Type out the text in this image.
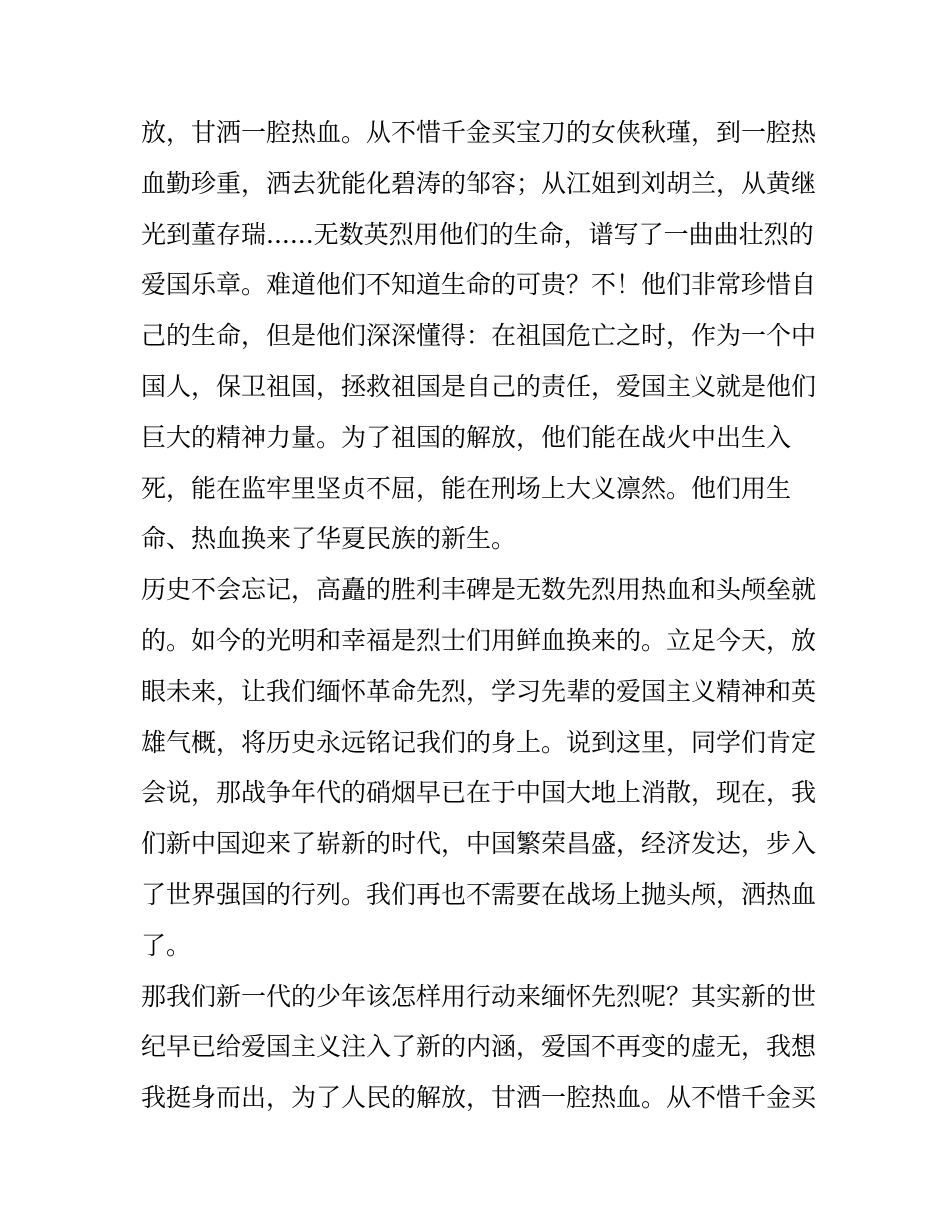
放，甘洒一腔热血。从不惜千金买宝刀的女侠秋瑾，到一腔热
血勤珍重，洒去犹能化碧涛的邹容；从江姐到刘胡兰，从黄继
光到董存瑞......无数英烈用他们的生命，谱写了一曲曲壮烈的
爱国乐章。难道他们不知道生命的可贵？不！他们非常珍惜自
己的生命，但是他们深深懂得：在祖国危亡之时，作为一个中
国人，保卫祖国，拯救祖国是自己的责任，爱国主义就是他们
巨大的精神力量。为了祖国的解放，他们能在战火中出生入
死，能在监牢里坚贞不屈，能在刑场上大义凛然。他们用生
命、热血换来了华夏民族的新生。
历史不会忘记，高矗的胜利丰碑是无数先烈用热血和头颅垒就
的。如今的光明和幸福是烈士们用鲜血换来的。立足今天，放
眼未来，让我们缅怀革命先烈，学习先辈的爱国主义精神和英
雄气概，将历史永远铭记我们的身上。说到这里，同学们肯定
会说，那战争年代的硝烟早已在于中国大地上消散，现在，我
们新中国迎来了崭新的时代，中国繁荣昌盛，经济发达，步入
了世界强国的行列。我们再也不需要在战场上抛头颅，洒热血
了。
那我们新一代的少年该怎样用行动来缅怀先烈呢？其实新的世
纪早已给爱国主义注入了新的内涵，爱国不再变的虚无，我想
我挺身而出，为了人民的解放，甘洒一腔热血。从不惜千金买
